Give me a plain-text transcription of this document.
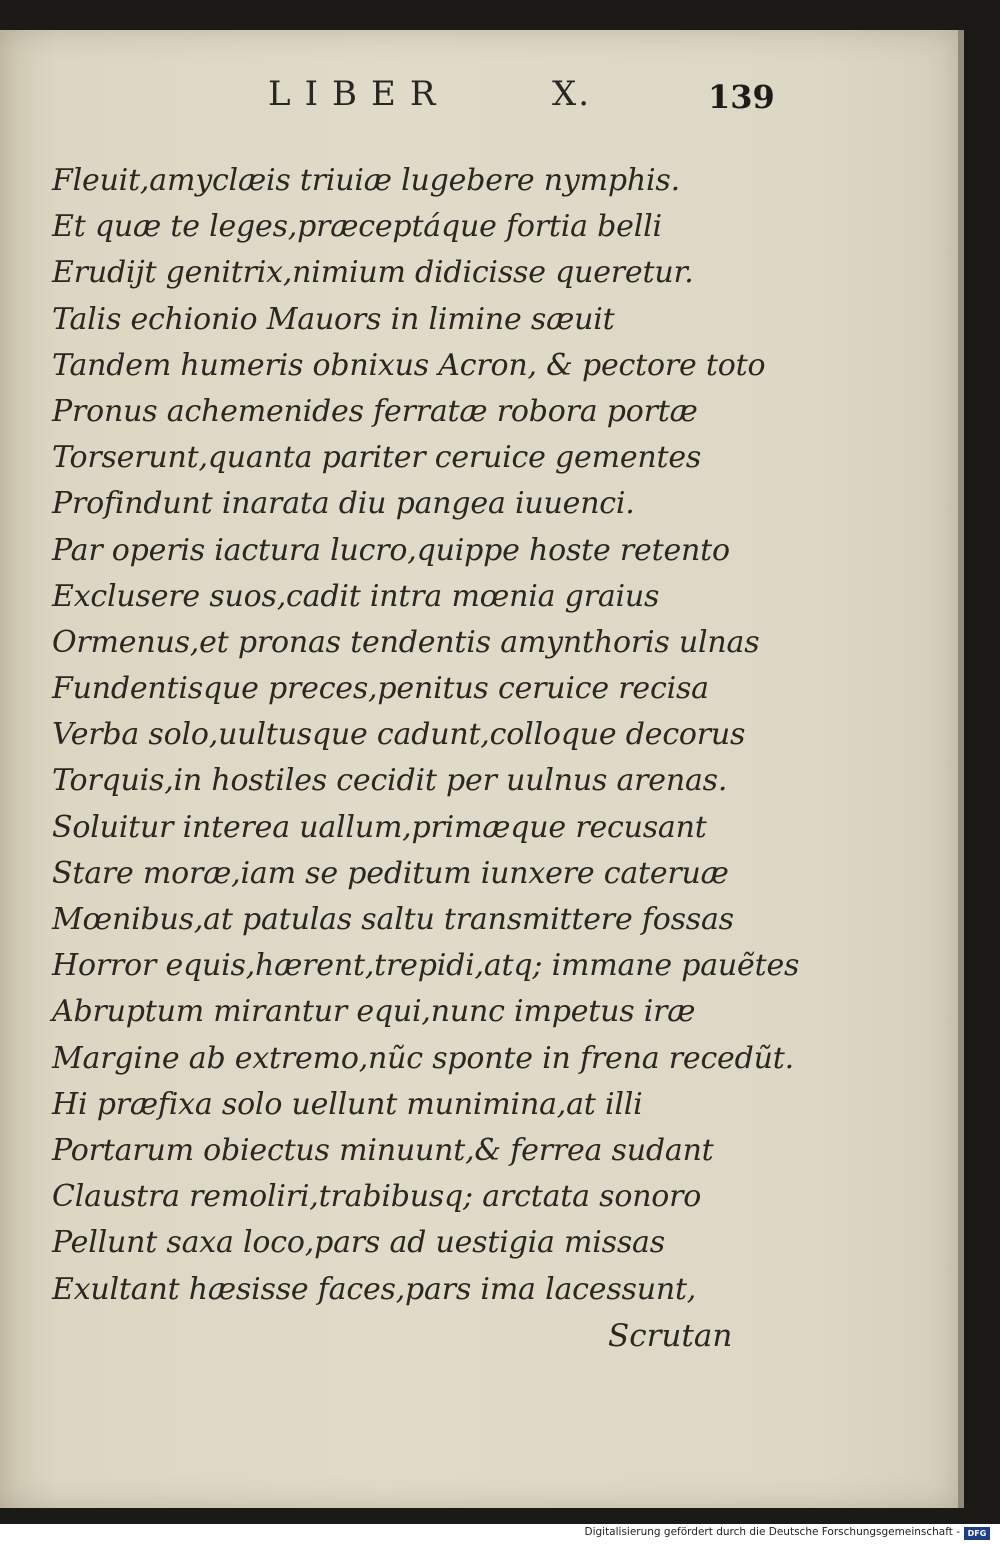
LIBER	X.	139
Fleuit,amyclæis triuiæ lugebere nymphis.
Et quæ te leges,præceptáque fortia belli
Erudijt genitrix,nimium didicisse queretur.
Talis echionio Mauors in limine sæuit
Tandem humeris obnixus Acron, & pectore toto
Pronus achemenides ferratæ robora portæ
Torserunt,quanta pariter ceruice gementes
Profindunt inarata diu pangea iuuenci.
Par operis iactura lucro,quippe hoste retento
Exclusere suos,cadit intra mœnia graius
Ormenus,et pronas tendentis amynthoris ulnas
Fundentisque preces,penitus ceruice recisa
Verba solo,uultusque cadunt,colloque decorus
Torquis,in hostiles cecidit per uulnus arenas.
Soluitur interea uallum,primæque recusant
Stare moræ,iam se peditum iunxere cateruæ
Mœnibus,at patulas saltu transmittere fossas
Horror equis,hærent,trepidi,atq; immane pauẽtes
Abruptum mirantur equi,nunc impetus iræ
Margine ab extremo,nũc sponte in frena recedũt.
Hi præfixa solo uellunt munimina,at illi
Portarum obiectus minuunt,& ferrea sudant
Claustra remoliri,trabibusq; arctata sonoro
Pellunt saxa loco,pars ad uestigia missas
Exultant hæsisse faces,pars ima lacessunt,
Scrutan
Digitalisierung gefördert durch die Deutsche Forschungsgemeinschaft - DFG
